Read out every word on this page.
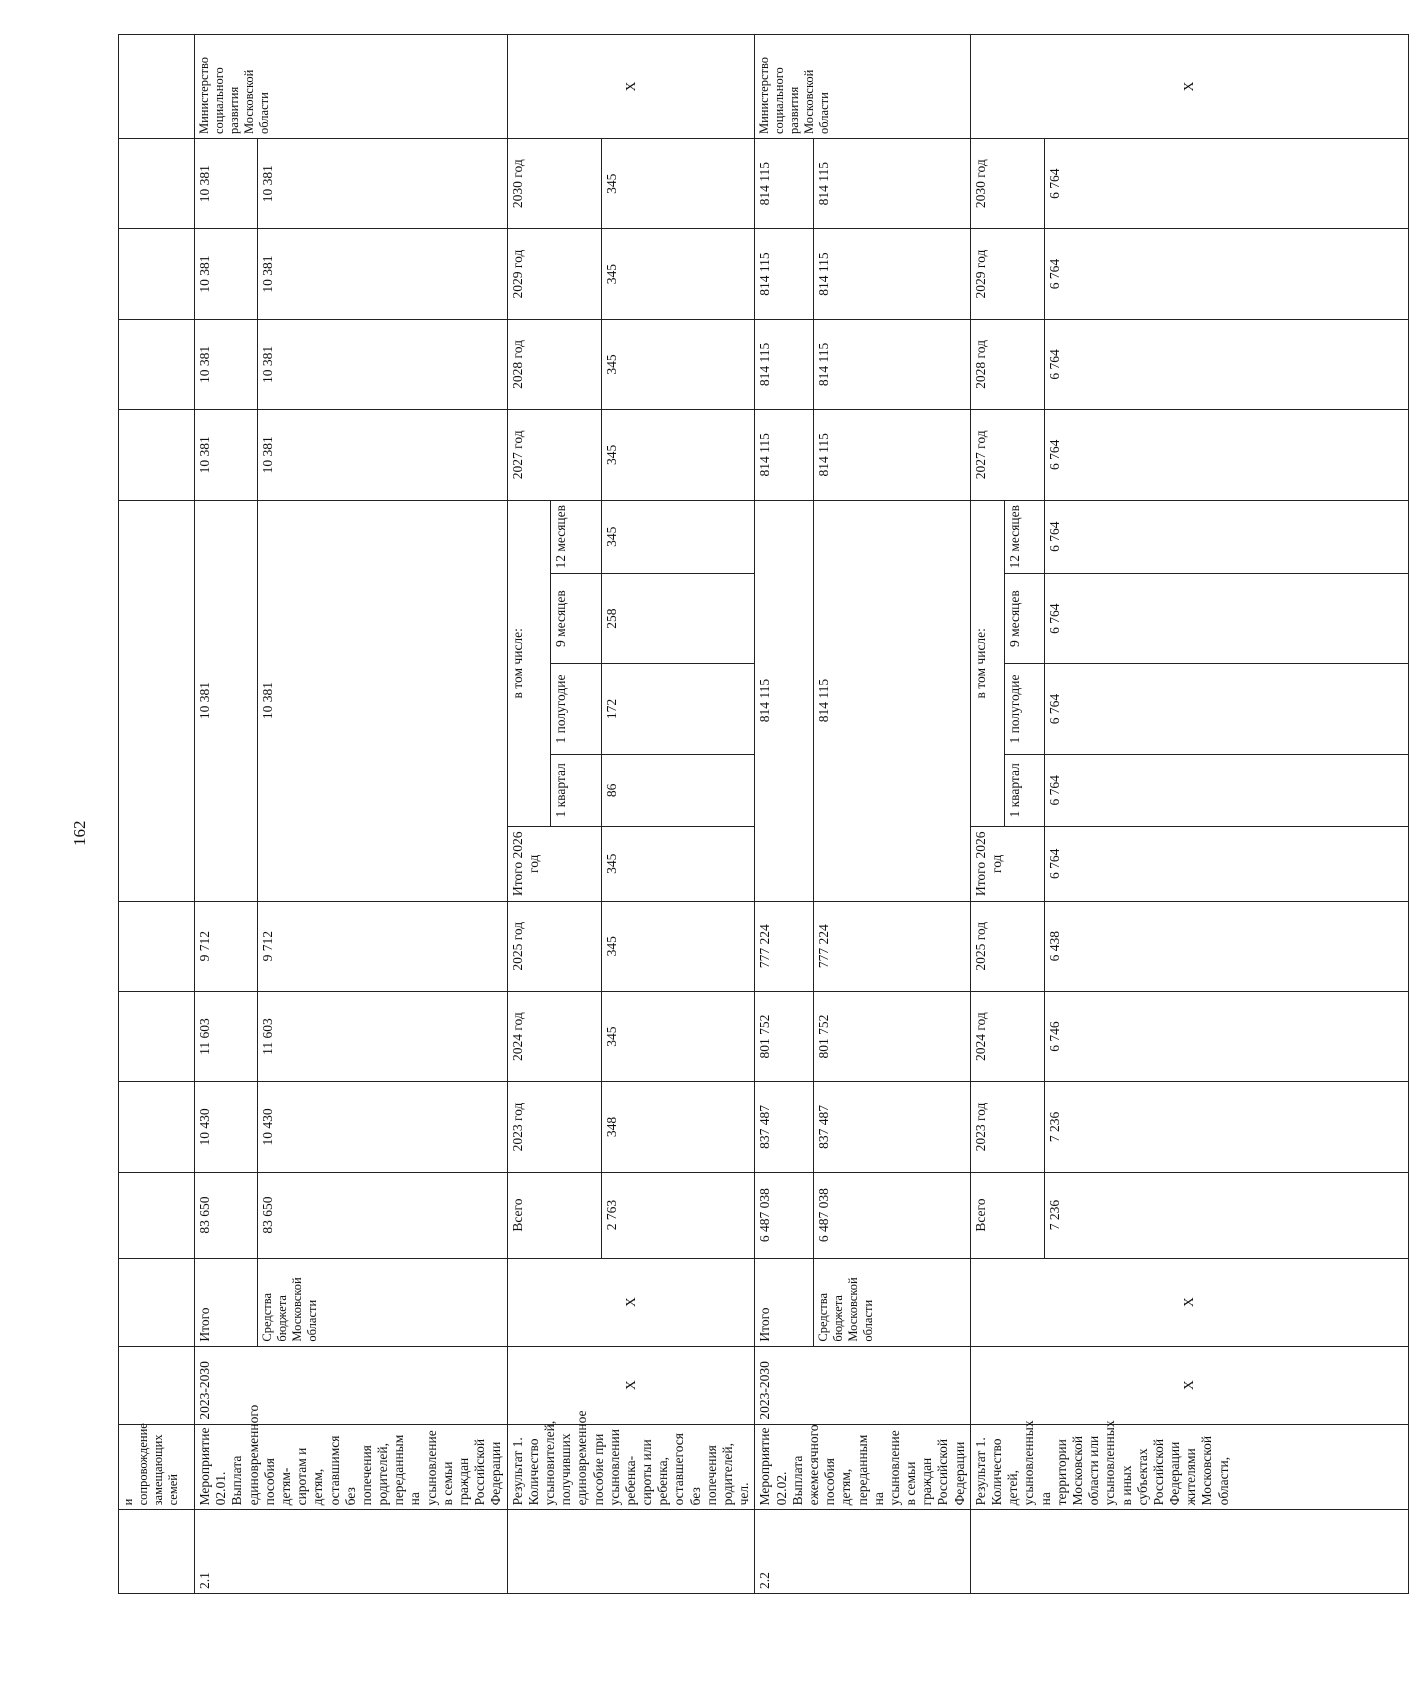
162
	и сопровождение замещающих семей																
2.1	Мероприятие 02.01. Выплата единовременного пособия детям-сиротам и детям, оставшимся без попечения родителей, переданным на усыновление в семьи граждан Российской Федерации	2023-2030	Итого	83 650	10 430	11 603	9 712	10 381					10 381	10 381	10 381	10 381	Министерство социального развития Московской области
			Средства бюджета Московской области	83 650	10 430	11 603	9 712	10 381					10 381	10 381	10 381	10 381	
	Результат 1. Количество усыновителей, получивших единовременное пособие при усыновлении ребенка-сироты или ребенка, оставшегося без попечения родителей, чел.	X	X	Всего	2023 год	2024 год	2025 год	Итого 2026 год	в том числе:				2027 год	2028 год	2029 год	2030 год	X
									1 квартал	1 полугодие	9 месяцев	12 месяцев					
				2 763	348	345	345	345	86	172	258	345	345	345	345	345	
2.2	Мероприятие 02.02. Выплата ежемесячного пособия детям, переданным на усыновление в семьи граждан Российской Федерации	2023-2030	Итого	6 487 038	837 487	801 752	777 224	814 115					814 115	814 115	814 115	814 115	Министерство социального развития Московской области
			Средства бюджета Московской области	6 487 038	837 487	801 752	777 224	814 115					814 115	814 115	814 115	814 115	
	Результат 1. Количество детей, усыновленных на территории Московской области или усыновленных в иных субъектах Российской Федерации жителями Московской области,	X	X	Всего	2023 год	2024 год	2025 год	Итого 2026 год	в том числе:				2027 год	2028 год	2029 год	2030 год	X
									1 квартал	1 полугодие	9 месяцев	12 месяцев					
				7 236	7 236	6 746	6 438	6 764	6 764	6 764	6 764	6 764	6 764	6 764	6 764	6 764	
